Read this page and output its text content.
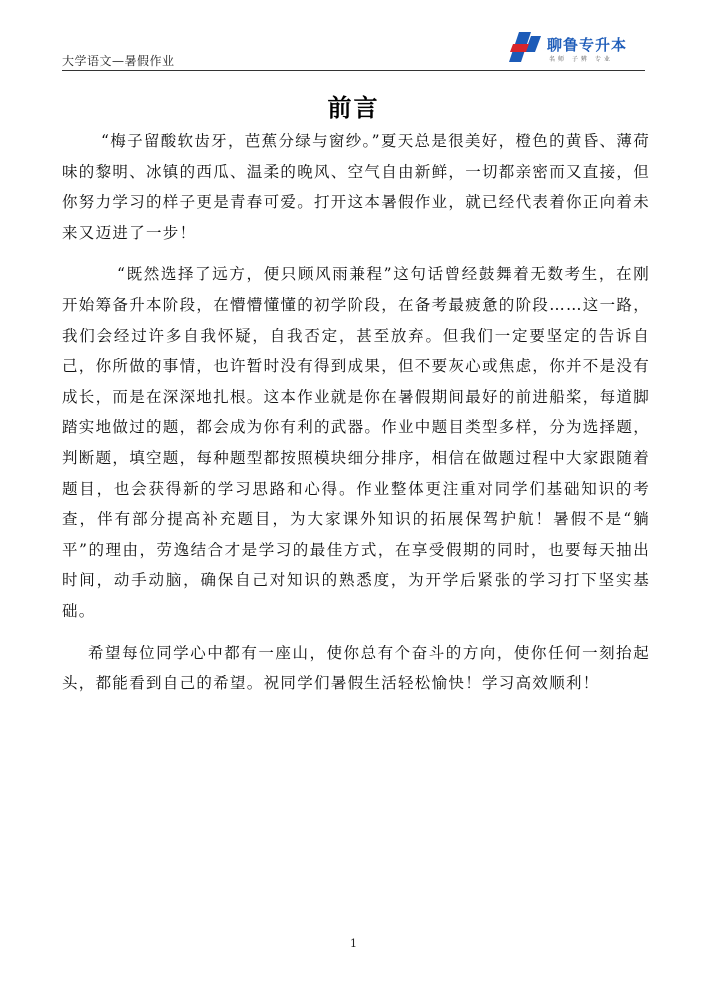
大学语文—暑假作业
聊鲁专升本
名师 子辨 专业
前言

“梅子留酸软齿牙，芭蕉分绿与窗纱。”夏天总是很美好，橙色的黄昏、薄荷味的黎明、冰镇的西瓜、温柔的晚风、空气自由新鲜，一切都亲密而又直接，但你努力学习的样子更是青春可爱。打开这本暑假作业，就已经代表着你正向着未来又迈进了一步！

“既然选择了远方，便只顾风雨兼程”这句话曾经鼓舞着无数考生，在刚开始筹备升本阶段，在懵懵懂懂的初学阶段，在备考最疲惫的阶段……这一路，我们会经过许多自我怀疑，自我否定，甚至放弃。但我们一定要坚定的告诉自己，你所做的事情，也许暂时没有得到成果，但不要灰心或焦虑，你并不是没有成长，而是在深深地扎根。这本作业就是你在暑假期间最好的前进船桨，每道脚踏实地做过的题，都会成为你有利的武器。作业中题目类型多样，分为选择题，判断题，填空题，每种题型都按照模块细分排序，相信在做题过程中大家跟随着题目，也会获得新的学习思路和心得。作业整体更注重对同学们基础知识的考查，伴有部分提高补充题目，为大家课外知识的拓展保驾护航！暑假不是“躺平”的理由，劳逸结合才是学习的最佳方式，在享受假期的同时，也要每天抽出时间，动手动脑，确保自己对知识的熟悉度，为开学后紧张的学习打下坚实基础。

希望每位同学心中都有一座山，使你总有个奋斗的方向，使你任何一刻抬起头，都能看到自己的希望。祝同学们暑假生活轻松愉快！学习高效顺利！

1
